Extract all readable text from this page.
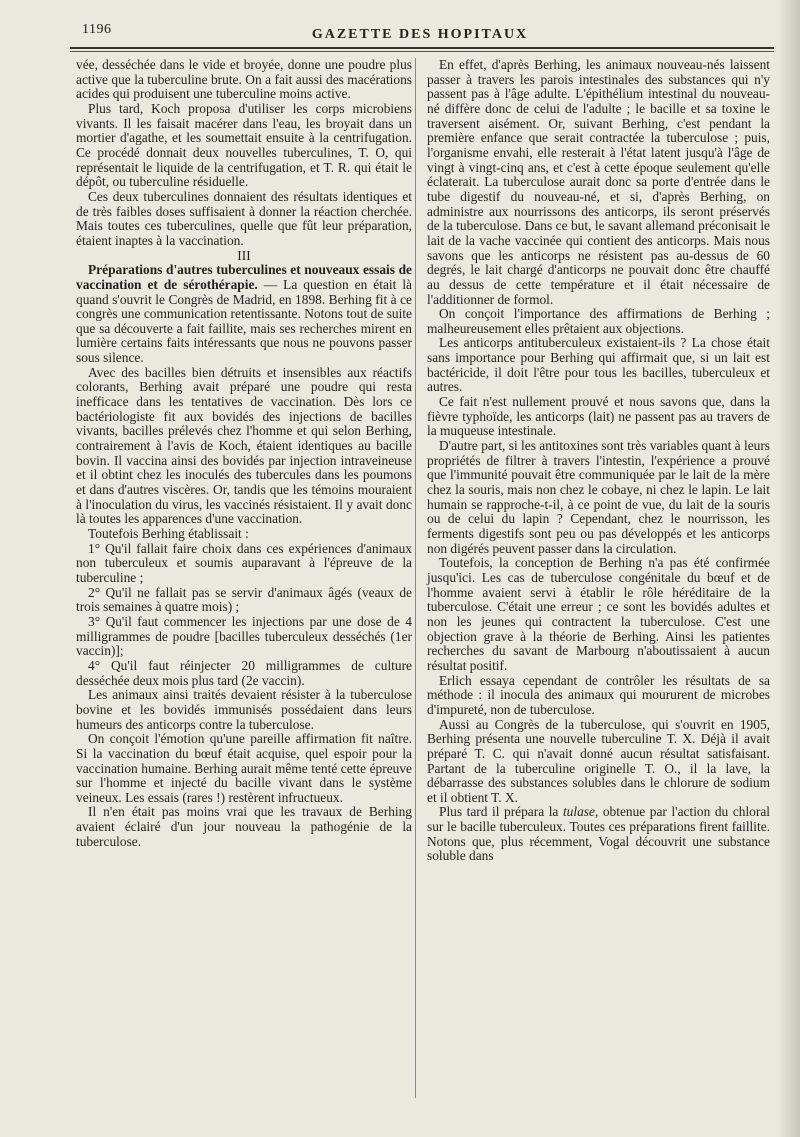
1196	GAZETTE DES HOPITAUX

vée, desséchée dans le vide et broyée, donne une poudre plus active que la tuberculine brute. On a fait aussi des macérations acides qui produisent une tuberculine moins active.

Plus tard, Koch proposa d'utiliser les corps microbiens vivants. Il les faisait macérer dans l'eau, les broyait dans un mortier d'agathe, et les soumettait ensuite à la centrifugation. Ce procédé donnait deux nouvelles tuberculines, T. O, qui représentait le liquide de la centrifugation, et T. R. qui était le dépôt, ou tuberculine résiduelle.

Ces deux tuberculines donnaient des résultats identiques et de très faibles doses suffisaient à donner la réaction cherchée. Mais toutes ces tuberculines, quelle que fût leur préparation, étaient inaptes à la vaccination.

III

Préparations d'autres tuberculines et nouveaux essais de vaccination et de sérothérapie. — La question en était là quand s'ouvrit le Congrès de Madrid, en 1898. Berhing fit à ce congrès une communication retentissante. Notons tout de suite que sa découverte a fait faillite, mais ses recherches mirent en lumière certains faits intéressants que nous ne pouvons passer sous silence.

Avec des bacilles bien détruits et insensibles aux réactifs colorants, Berhing avait préparé une poudre qui resta inefficace dans les tentatives de vaccination. Dès lors ce bactériologiste fit aux bovidés des injections de bacilles vivants, bacilles prélevés chez l'homme et qui selon Berhing, contrairement à l'avis de Koch, étaient identiques au bacille bovin. Il vaccina ainsi des bovidés par injection intraveineuse et il obtint chez les inoculés des tubercules dans les poumons et dans d'autres viscères. Or, tandis que les témoins mouraient à l'inoculation du virus, les vaccinés résistaient. Il y avait donc là toutes les apparences d'une vaccination.

Toutefois Berhing établissait :

1° Qu'il fallait faire choix dans ces expériences d'animaux non tuberculeux et soumis auparavant à l'épreuve de la tuberculine ;

2° Qu'il ne fallait pas se servir d'animaux âgés (veaux de trois semaines à quatre mois) ;

3° Qu'il faut commencer les injections par une dose de 4 milligrammes de poudre [bacilles tuberculeux desséchés (1er vaccin)];

4° Qu'il faut réinjecter 20 milligrammes de culture desséchée deux mois plus tard (2e vaccin).

Les animaux ainsi traités devaient résister à la tuberculose bovine et les bovidés immunisés possédaient dans leurs humeurs des anticorps contre la tuberculose.

On conçoit l'émotion qu'une pareille affirmation fit naître. Si la vaccination du bœuf était acquise, quel espoir pour la vaccination humaine. Berhing aurait même tenté cette épreuve sur l'homme et injecté du bacille vivant dans le système veineux. Les essais (rares !) restèrent infructueux.

Il n'en était pas moins vrai que les travaux de Berhing avaient éclairé d'un jour nouveau la pathogénie de la tuberculose.

En effet, d'après Berhing, les animaux nouveau-nés laissent passer à travers les parois intestinales des substances qui n'y passent pas à l'âge adulte. L'épithélium intestinal du nouveau-né diffère donc de celui de l'adulte ; le bacille et sa toxine le traversent aisément. Or, suivant Berhing, c'est pendant la première enfance que serait contractée la tuberculose ; puis, l'organisme envahi, elle resterait à l'état latent jusqu'à l'âge de vingt à vingt-cinq ans, et c'est à cette époque seulement qu'elle éclaterait. La tuberculose aurait donc sa porte d'entrée dans le tube digestif du nouveau-né, et si, d'après Berhing, on administre aux nourrissons des anticorps, ils seront préservés de la tuberculose. Dans ce but, le savant allemand préconisait le lait de la vache vaccinée qui contient des anticorps. Mais nous savons que les anticorps ne résistent pas au-dessus de 60 degrés, le lait chargé d'anticorps ne pouvait donc être chauffé au dessus de cette température et il était nécessaire de l'additionner de formol.

On conçoit l'importance des affirmations de Berhing ; malheureusement elles prêtaient aux objections.

Les anticorps antituberculeux existaient-ils ? La chose était sans importance pour Berhing qui affirmait que, si un lait est bactéricide, il doit l'être pour tous les bacilles, tuberculeux et autres.

Ce fait n'est nullement prouvé et nous savons que, dans la fièvre typhoïde, les anticorps (lait) ne passent pas au travers de la muqueuse intestinale.

D'autre part, si les antitoxines sont très variables quant à leurs propriétés de filtrer à travers l'intestin, l'expérience a prouvé que l'immunité pouvait être communiquée par le lait de la mère chez la souris, mais non chez le cobaye, ni chez le lapin. Le lait humain se rapproche-t-il, à ce point de vue, du lait de la souris ou de celui du lapin ? Cependant, chez le nourrisson, les ferments digestifs sont peu ou pas développés et les anticorps non digérés peuvent passer dans la circulation.

Toutefois, la conception de Berhing n'a pas été confirmée jusqu'ici. Les cas de tuberculose congénitale du bœuf et de l'homme avaient servi à établir le rôle héréditaire de la tuberculose. C'était une erreur ; ce sont les bovidés adultes et non les jeunes qui contractent la tuberculose. C'est une objection grave à la théorie de Berhing. Ainsi les patientes recherches du savant de Marbourg n'aboutissaient à aucun résultat positif.

Erlich essaya cependant de contrôler les résultats de sa méthode : il inocula des animaux qui moururent de microbes d'impureté, non de tuberculose.

Aussi au Congrès de la tuberculose, qui s'ouvrit en 1905, Berhing présenta une nouvelle tuberculine T. X. Déjà il avait préparé T. C. qui n'avait donné aucun résultat satisfaisant. Partant de la tuberculine originelle T. O., il la lave, la débarrasse des substances solubles dans le chlorure de sodium et il obtient T. X.

Plus tard il prépara la tulase, obtenue par l'action du chloral sur le bacille tuberculeux. Toutes ces préparations firent faillite. Notons que, plus récemment, Vogal découvrit une substance soluble dans
